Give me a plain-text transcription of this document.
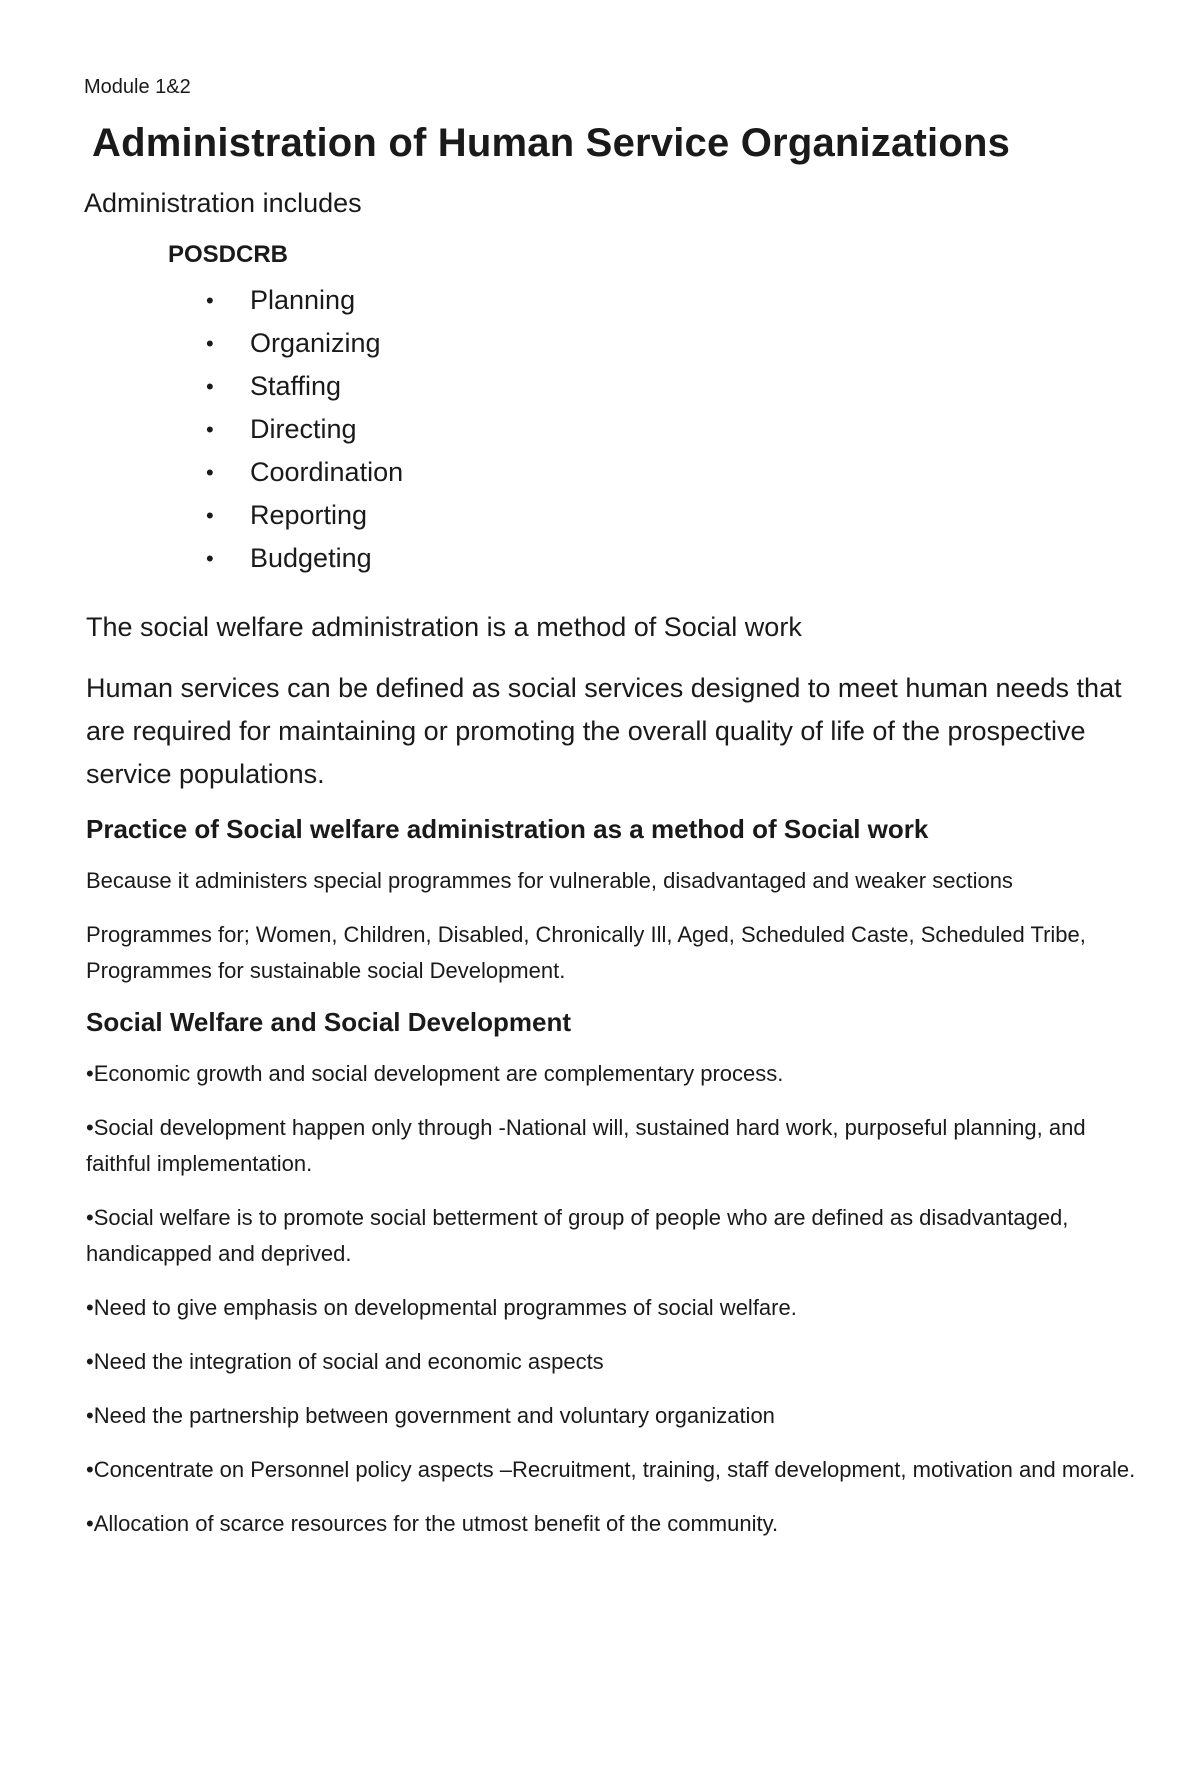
Module 1&2
Administration of Human Service Organizations

Administration includes

POSDCRB
• Planning
• Organizing
• Staffing
• Directing
• Coordination
• Reporting
• Budgeting

The social welfare administration is a method of Social work

Human services can be defined as social services designed to meet human needs that are required for maintaining or promoting the overall quality of life of the prospective service populations.

Practice of Social welfare administration as a method of Social work

Because it administers special programmes for vulnerable, disadvantaged and weaker sections

Programmes for; Women, Children, Disabled, Chronically Ill, Aged, Scheduled Caste, Scheduled Tribe, Programmes for sustainable social Development.

Social Welfare and Social Development

•Economic growth and social development are complementary process.

•Social development happen only through -National will, sustained hard work, purposeful planning, and faithful implementation.

•Social welfare is to promote social betterment of group of people who are defined as disadvantaged, handicapped and deprived.

•Need to give emphasis on developmental programmes of social welfare.

•Need the integration of social and economic aspects

•Need the partnership between government and voluntary organization

•Concentrate on Personnel policy aspects –Recruitment, training, staff development, motivation and morale.

•Allocation of scarce resources for the utmost benefit of the community.
